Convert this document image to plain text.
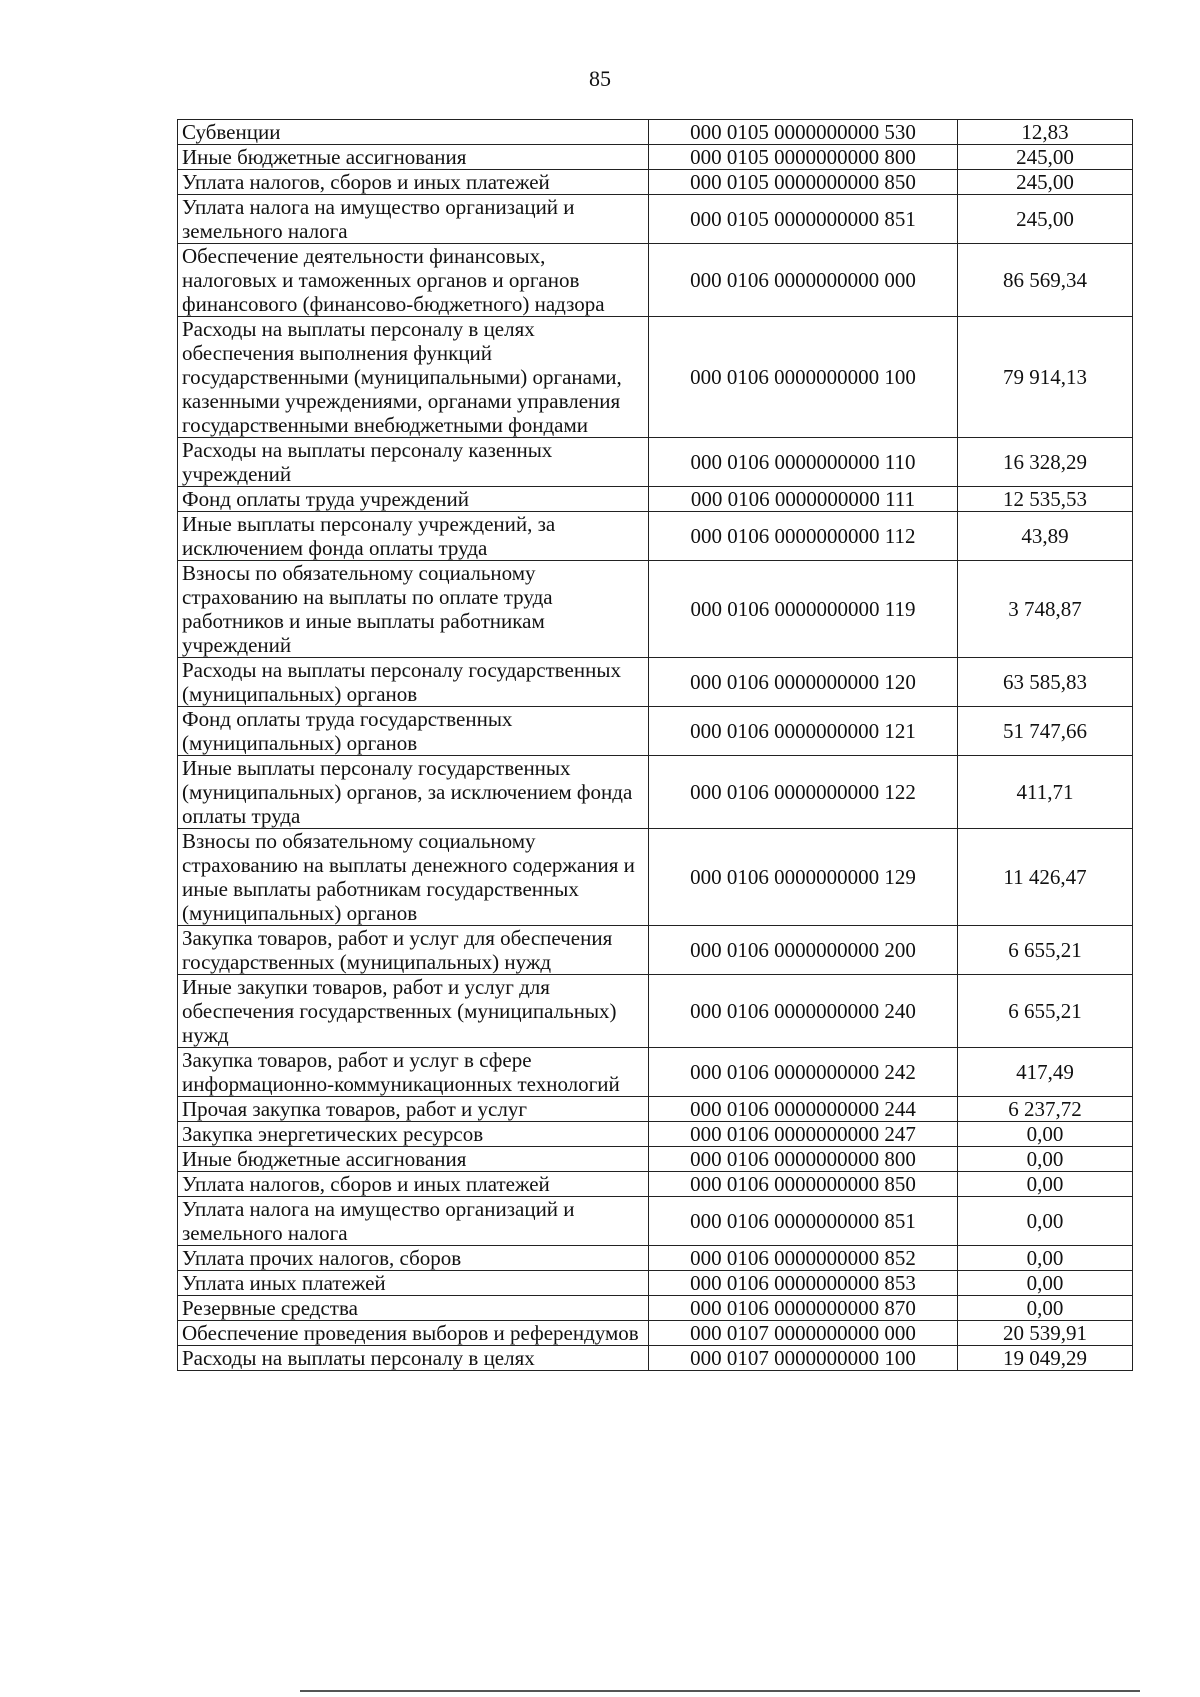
85
Субвенции	000 0105 0000000000 530	12,83
Иные бюджетные ассигнования	000 0105 0000000000 800	245,00
Уплата налогов, сборов и иных платежей	000 0105 0000000000 850	245,00
Уплата налога на имущество организаций и земельного налога	000 0105 0000000000 851	245,00
Обеспечение деятельности финансовых, налоговых и таможенных органов и органов финансового (финансово-бюджетного) надзора	000 0106 0000000000 000	86 569,34
Расходы на выплаты персоналу в целях обеспечения выполнения функций государственными (муниципальными) органами, казенными учреждениями, органами управления государственными внебюджетными фондами	000 0106 0000000000 100	79 914,13
Расходы на выплаты персоналу казенных учреждений	000 0106 0000000000 110	16 328,29
Фонд оплаты труда учреждений	000 0106 0000000000 111	12 535,53
Иные выплаты персоналу учреждений, за исключением фонда оплаты труда	000 0106 0000000000 112	43,89
Взносы по обязательному социальному страхованию на выплаты по оплате труда работников и иные выплаты работникам учреждений	000 0106 0000000000 119	3 748,87
Расходы на выплаты персоналу государственных (муниципальных) органов	000 0106 0000000000 120	63 585,83
Фонд оплаты труда государственных (муниципальных) органов	000 0106 0000000000 121	51 747,66
Иные выплаты персоналу государственных (муниципальных) органов, за исключением фонда оплаты труда	000 0106 0000000000 122	411,71
Взносы по обязательному социальному страхованию на выплаты денежного содержания и иные выплаты работникам государственных (муниципальных) органов	000 0106 0000000000 129	11 426,47
Закупка товаров, работ и услуг для обеспечения государственных (муниципальных) нужд	000 0106 0000000000 200	6 655,21
Иные закупки товаров, работ и услуг для обеспечения государственных (муниципальных) нужд	000 0106 0000000000 240	6 655,21
Закупка товаров, работ и услуг в сфере информационно-коммуникационных технологий	000 0106 0000000000 242	417,49
Прочая закупка товаров, работ и услуг	000 0106 0000000000 244	6 237,72
Закупка энергетических ресурсов	000 0106 0000000000 247	0,00
Иные бюджетные ассигнования	000 0106 0000000000 800	0,00
Уплата налогов, сборов и иных платежей	000 0106 0000000000 850	0,00
Уплата налога на имущество организаций и земельного налога	000 0106 0000000000 851	0,00
Уплата прочих налогов, сборов	000 0106 0000000000 852	0,00
Уплата иных платежей	000 0106 0000000000 853	0,00
Резервные средства	000 0106 0000000000 870	0,00
Обеспечение проведения выборов и референдумов	000 0107 0000000000 000	20 539,91
Расходы на выплаты персоналу в целях	000 0107 0000000000 100	19 049,29
